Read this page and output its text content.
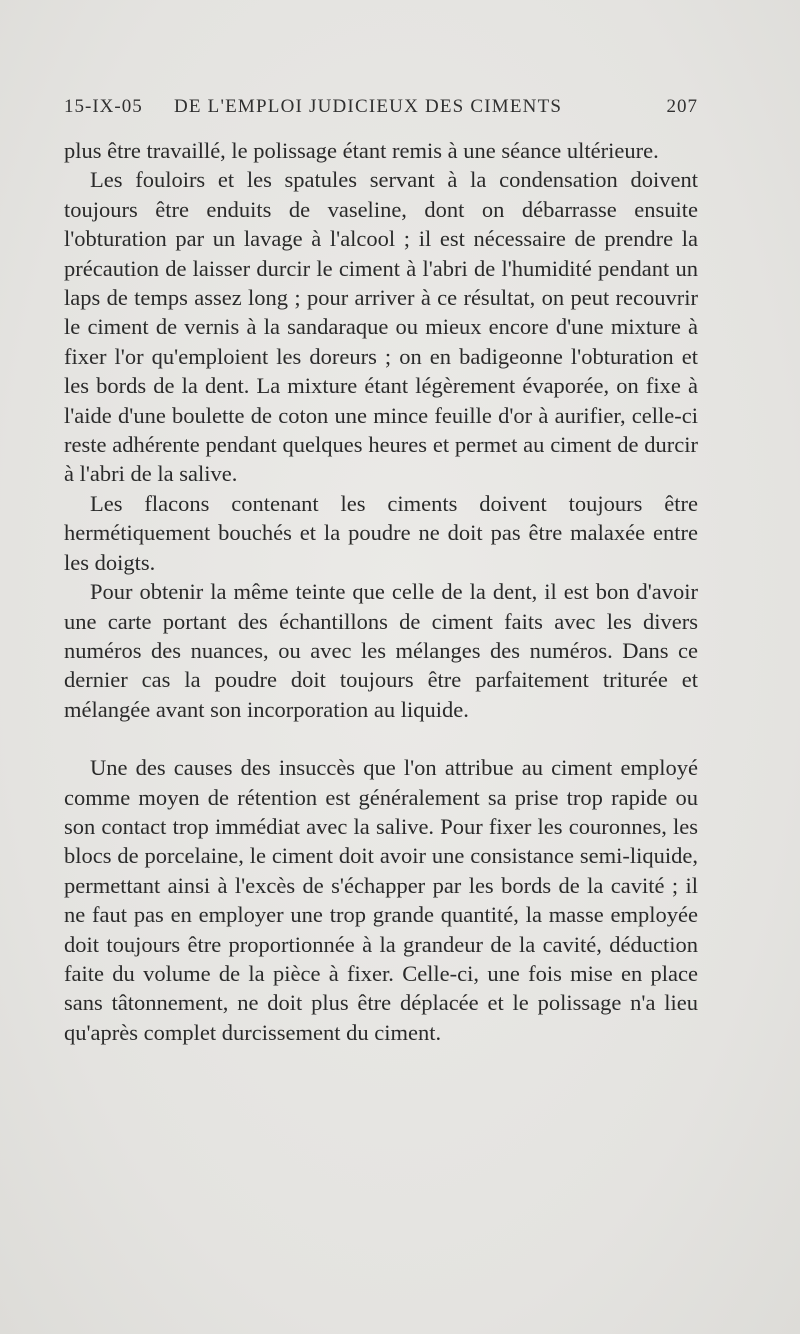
15-IX-05 DE L'EMPLOI JUDICIEUX DES CIMENTS	207

plus être travaillé, le polissage étant remis à une séance ultérieure.

Les fouloirs et les spatules servant à la condensation doivent toujours être enduits de vaseline, dont on débarrasse ensuite l'obturation par un lavage à l'alcool ; il est nécessaire de prendre la précaution de laisser durcir le ciment à l'abri de l'humidité pendant un laps de temps assez long ; pour arriver à ce résultat, on peut recouvrir le ciment de vernis à la sandaraque ou mieux encore d'une mixture à fixer l'or qu'emploient les doreurs ; on en badigeonne l'obturation et les bords de la dent. La mixture étant légèrement évaporée, on fixe à l'aide d'une boulette de coton une mince feuille d'or à aurifier, celle-ci reste adhérente pendant quelques heures et permet au ciment de durcir à l'abri de la salive.

Les flacons contenant les ciments doivent toujours être hermétiquement bouchés et la poudre ne doit pas être malaxée entre les doigts.

Pour obtenir la même teinte que celle de la dent, il est bon d'avoir une carte portant des échantillons de ciment faits avec les divers numéros des nuances, ou avec les mélanges des numéros. Dans ce dernier cas la poudre doit toujours être parfaitement triturée et mélangée avant son incorporation au liquide.

Une des causes des insuccès que l'on attribue au ciment employé comme moyen de rétention est généralement sa prise trop rapide ou son contact trop immédiat avec la salive. Pour fixer les couronnes, les blocs de porcelaine, le ciment doit avoir une consistance semi-liquide, permettant ainsi à l'excès de s'échapper par les bords de la cavité ; il ne faut pas en employer une trop grande quantité, la masse employée doit toujours être proportionnée à la grandeur de la cavité, déduction faite du volume de la pièce à fixer. Celle-ci, une fois mise en place sans tâtonnement, ne doit plus être déplacée et le polissage n'a lieu qu'après complet durcissement du ciment.
